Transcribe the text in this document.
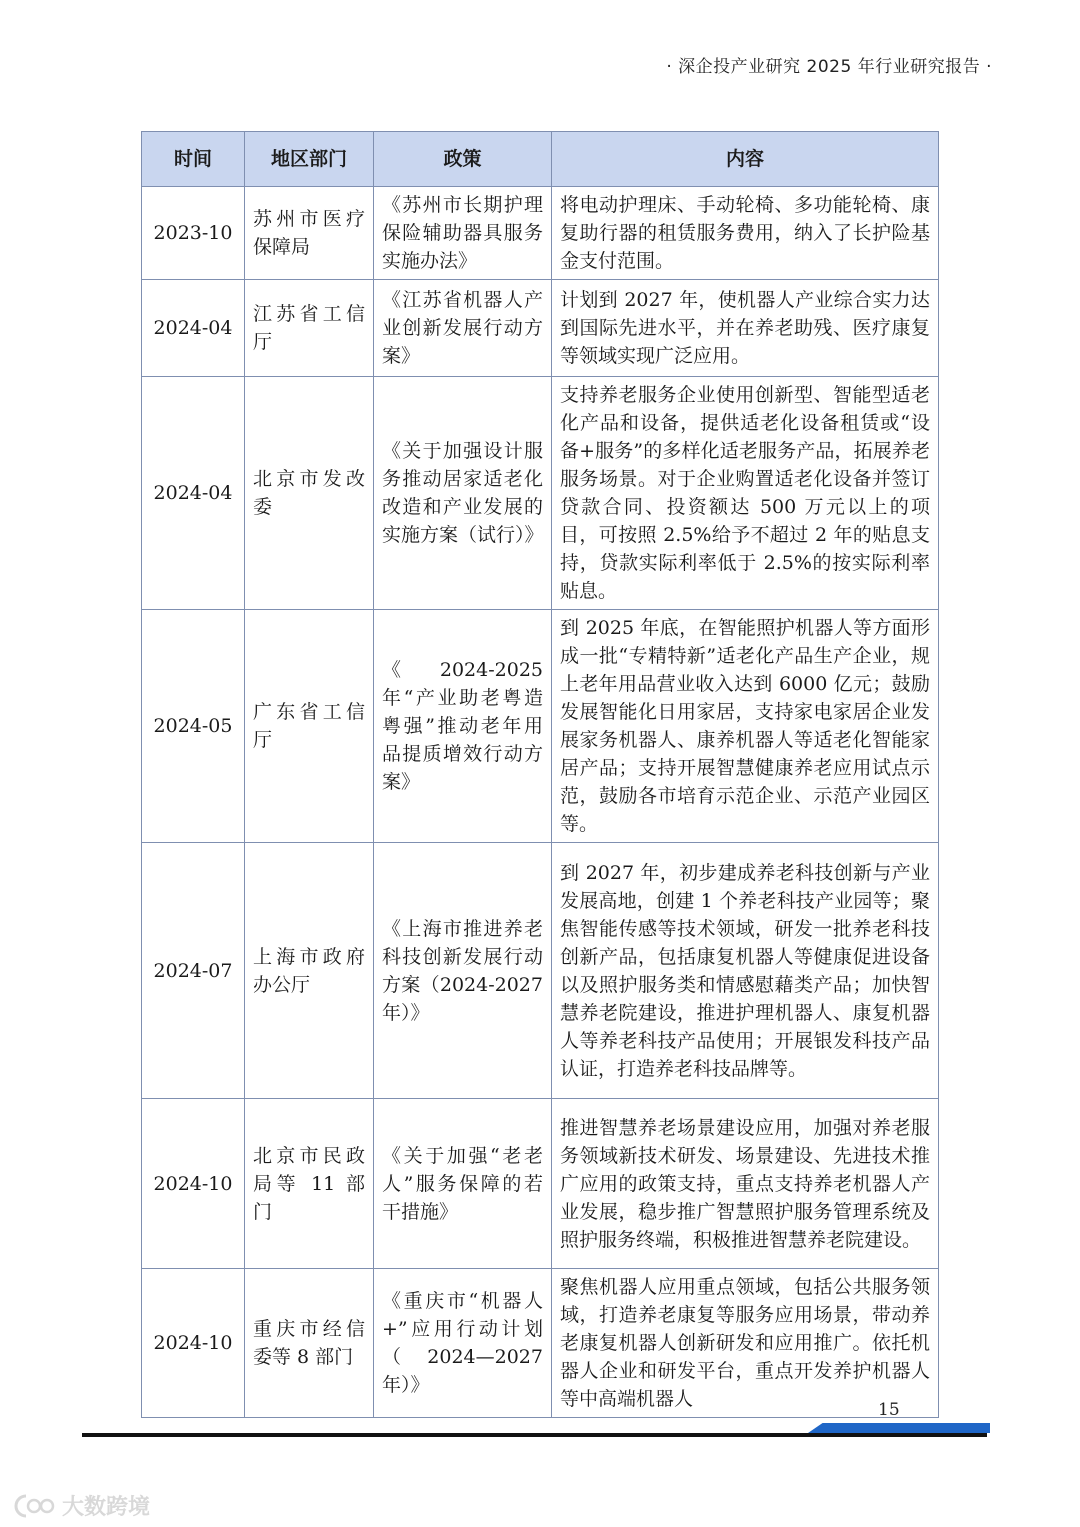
· 深企投产业研究 2025 年行业研究报告 ·
时间	地区部门	政策	内容
2023-10	苏州市医疗保障局	《苏州市长期护理保险辅助器具服务实施办法》	将电动护理床、手动轮椅、多功能轮椅、康复助行器的租赁服务费用，纳入了长护险基金支付范围。
2024-04	江苏省工信厅	《江苏省机器人产业创新发展行动方案》	计划到 2027 年，使机器人产业综合实力达到国际先进水平，并在养老助残、医疗康复等领域实现广泛应用。
2024-04	北京市发改委	《关于加强设计服务推动居家适老化改造和产业发展的实施方案（试行）》	支持养老服务企业使用创新型、智能型适老化产品和设备，提供适老化设备租赁或“设备+服务”的多样化适老服务产品，拓展养老服务场景。对于企业购置适老化设备并签订贷款合同、投资额达 500 万元以上的项目，可按照 2.5%给予不超过 2 年的贴息支持，贷款实际利率低于 2.5%的按实际利率贴息。
2024-05	广东省工信厅	《 2024-2025 年“产业助老粤造粤强”推动老年用品提质增效行动方案》	到 2025 年底，在智能照护机器人等方面形成一批“专精特新”适老化产品生产企业，规上老年用品营业收入达到 6000 亿元；鼓励发展智能化日用家居，支持家电家居企业发展家务机器人、康养机器人等适老化智能家居产品；支持开展智慧健康养老应用试点示范，鼓励各市培育示范企业、示范产业园区等。
2024-07	上海市政府办公厅	《上海市推进养老科技创新发展行动方案（2024-2027 年）》	到 2027 年，初步建成养老科技创新与产业发展高地，创建 1 个养老科技产业园等；聚焦智能传感等技术领域，研发一批养老科技创新产品，包括康复机器人等健康促进设备以及照护服务类和情感慰藉类产品；加快智慧养老院建设，推进护理机器人、康复机器人等养老科技产品使用；开展银发科技产品认证，打造养老科技品牌等。
2024-10	北京市民政局等 11 部门	《关于加强“老老人”服务保障的若干措施》	推进智慧养老场景建设应用，加强对养老服务领域新技术研发、场景建设、先进技术推广应用的政策支持，重点支持养老机器人产业发展，稳步推广智慧照护服务管理系统及照护服务终端，积极推进智慧养老院建设。
2024-10	重庆市经信委等 8 部门	《重庆市“机器人+”应用行动计划（2024—2027 年）》	聚焦机器人应用重点领域，包括公共服务领域，打造养老康复等服务应用场景，带动养老康复机器人创新研发和应用推广。依托机器人企业和研发平台，重点开发养护机器人等中高端机器人	15
大数跨境
